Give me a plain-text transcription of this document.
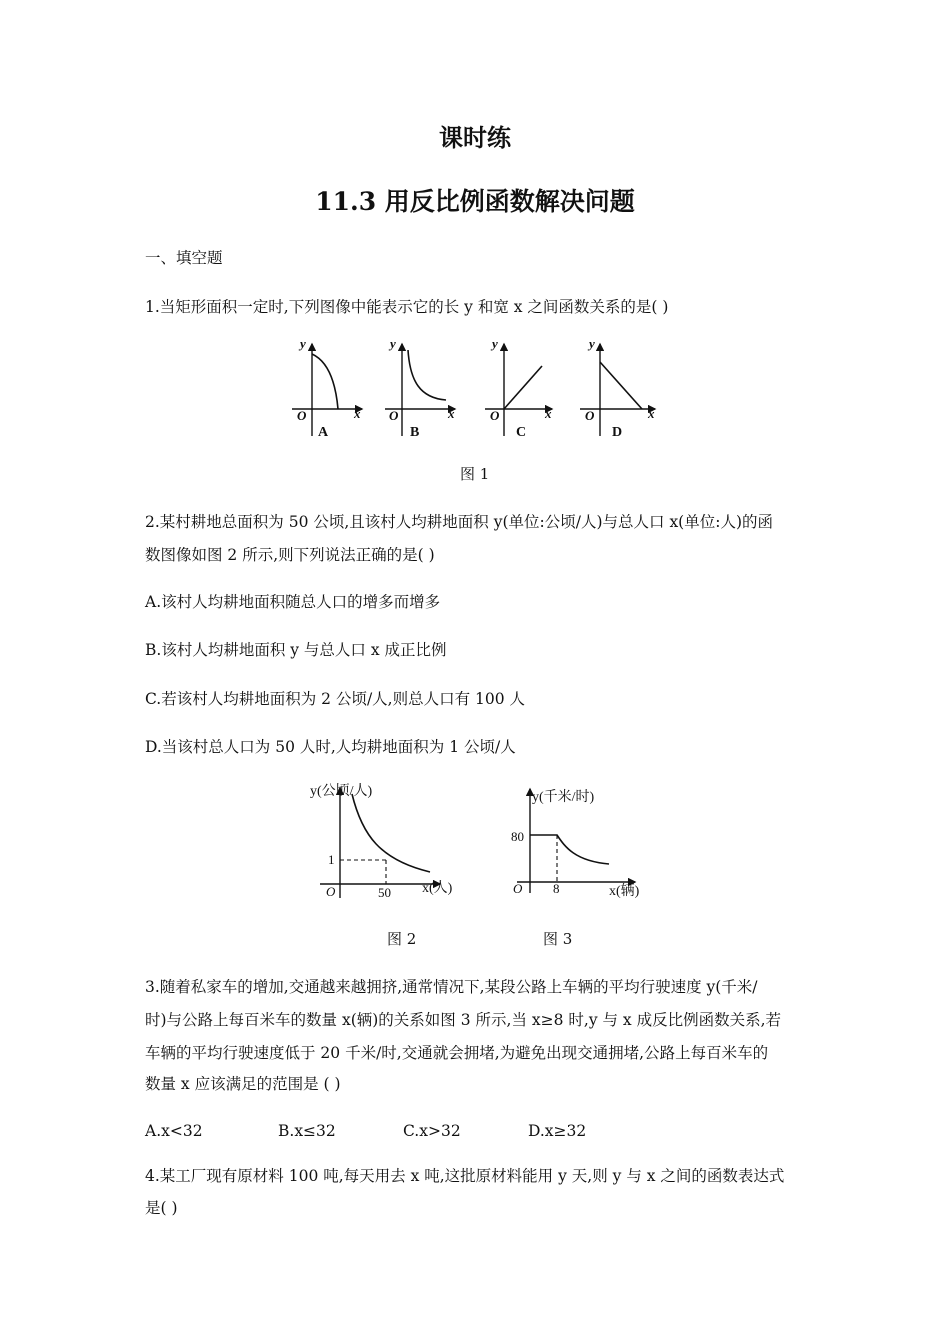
课时练
11.3 用反比例函数解决问题
一、填空题
1.当矩形面积一定时,下列图像中能表示它的长 y 和宽 x 之间函数关系的是( )
y
x
O
A
y
x
O
B
y
x
O
C
y
x
O
D
图 1
2.某村耕地总面积为 50 公顷,且该村人均耕地面积 y(单位:公顷/人)与总人口 x(单位:人)的函
数图像如图 2 所示,则下列说法正确的是( )
A.该村人均耕地面积随总人口的增多而增多
B.该村人均耕地面积 y 与总人口 x 成正比例
C.若该村人均耕地面积为 2 公顷/人,则总人口有 100 人
D.当该村总人口为 50 人时,人均耕地面积为 1 公顷/人
y(公顷/人)
x(人)
O
1
50
y(千米/时)
x(辆)
O
80
8
图 2	图 3
3.随着私家车的增加,交通越来越拥挤,通常情况下,某段公路上车辆的平均行驶速度 y(千米/
时)与公路上每百米车的数量 x(辆)的关系如图 3 所示,当 x≥8 时,y 与 x 成反比例函数关系,若
车辆的平均行驶速度低于 20 千米/时,交通就会拥堵,为避免出现交通拥堵,公路上每百米车的
数量 x 应该满足的范围是 ( )
A.x<32	B.x≤32	C.x>32	D.x≥32
4.某工厂现有原材料 100 吨,每天用去 x 吨,这批原材料能用 y 天,则 y 与 x 之间的函数表达式
是( )
